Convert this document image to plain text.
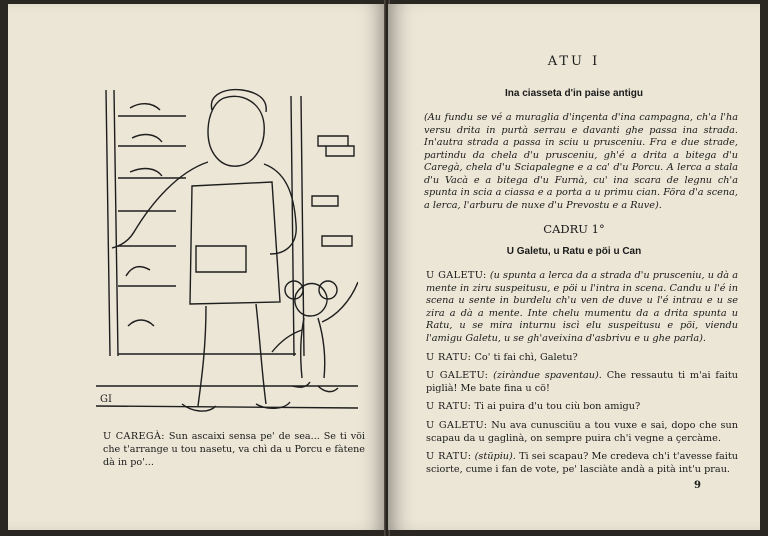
GI
U CAREGÀ: Sun ascaixi sensa pe' de sea... Se ti vöi che t'arrange u tou nasetu, va chì da u Porcu e fàtene dà in po'...
ATU I
Ina ciasseta d'in paise antigu
(Au fundu se vé a muraglia d'inçenta d'ina campagna, ch'a l'ha versu drita in purtà serrau e davanti ghe passa ina strada. In'autra strada a passa in sciu u prusceniu. Fra e due strade, partindu da chela d'u prusceniu, gh'é a drita a bitega d'u Caregà, chela d'u Sciapalegne e a ca' d'u Porcu. A lerca a stala d'u Vacà e a bitega d'u Furnà, cu' ina scara de legnu ch'a spunta in scia a ciassa e a porta a u primu cian. Föra d'a scena, a lerca, l'arburu de nuxe d'u Prevostu e a Ruve).
CADRU 1°
U Galetu, u Ratu e pöi u Can

U GALETU: (u spunta a lerca da a strada d'u prusceniu, u dà a mente in ziru suspeitusu, e pöi u l'intra in scena. Candu u l'é in scena u sente in burdelu ch'u ven de duve u l'é intrau e u se zira a dà a mente. Inte chelu mumentu da a drita spunta u Ratu, u se mira inturnu iscì elu suspeitusu e pöi, viendu l'amigu Galetu, u se gh'aveixina d'asbrivu e u ghe parla).

U RATU: Co' ti fai chì, Galetu?

U GALETU: (ziràndue spaventau). Che ressautu ti m'ai faitu piglià! Me bate fina u cö!

U RATU: Ti ai puira d'u tou ciù bon amigu?

U GALETU: Nu ava cunusciüu a tou vuxe e sai, dopo che sun scapau da u gaglinà, on sempre puira ch'i vegne a çercàme.

U RATU: (stüpiu). Ti sei scapau? Me credeva ch'i t'avesse faitu sciorte, cume i fan de vote, pe' lasciàte andà a pità int'u prau.

9
